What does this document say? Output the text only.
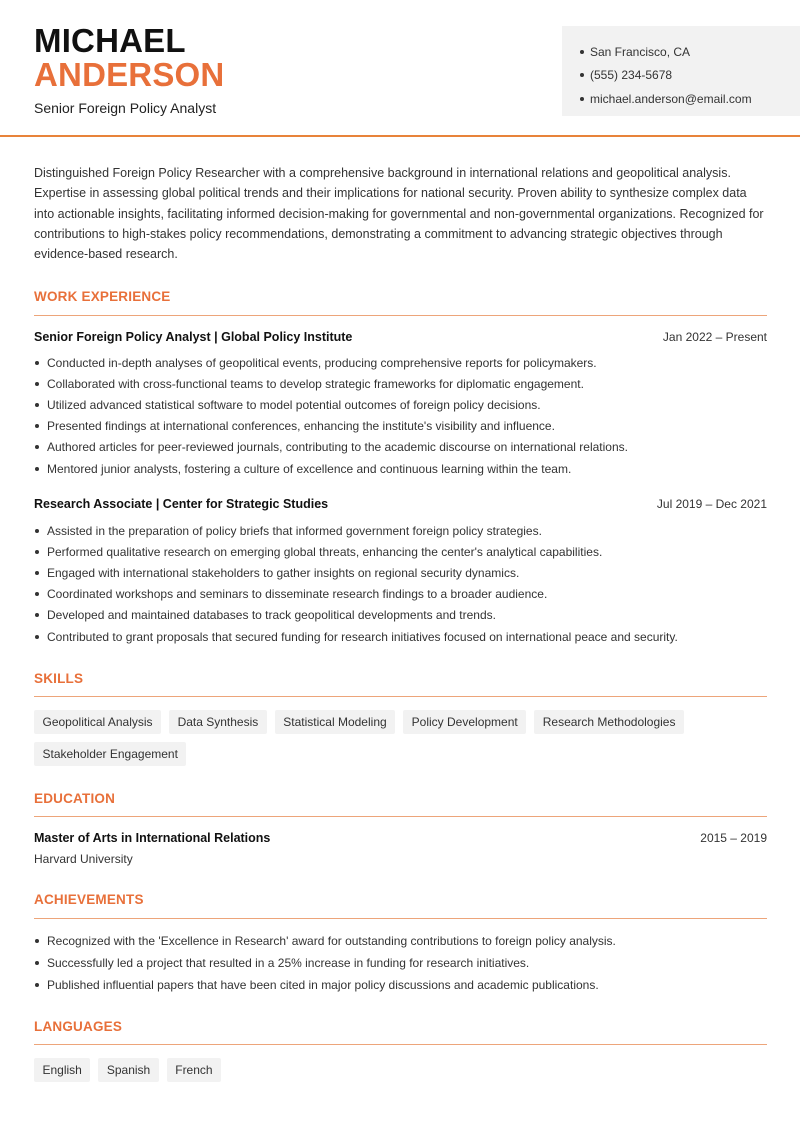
MICHAEL
ANDERSON
Senior Foreign Policy Analyst
San Francisco, CA
(555) 234-5678
michael.anderson@email.com

Distinguished Foreign Policy Researcher with a comprehensive background in international relations and geopolitical analysis. Expertise in assessing global political trends and their implications for national security. Proven ability to synthesize complex data into actionable insights, facilitating informed decision-making for governmental and non-governmental organizations. Recognized for contributions to high-stakes policy recommendations, demonstrating a commitment to advancing strategic objectives through evidence-based research.

WORK EXPERIENCE
Senior Foreign Policy Analyst | Global Policy Institute	Jan 2022 – Present
Conducted in-depth analyses of geopolitical events, producing comprehensive reports for policymakers.
Collaborated with cross-functional teams to develop strategic frameworks for diplomatic engagement.
Utilized advanced statistical software to model potential outcomes of foreign policy decisions.
Presented findings at international conferences, enhancing the institute's visibility and influence.
Authored articles for peer-reviewed journals, contributing to the academic discourse on international relations.
Mentored junior analysts, fostering a culture of excellence and continuous learning within the team.
Research Associate | Center for Strategic Studies	Jul 2019 – Dec 2021
Assisted in the preparation of policy briefs that informed government foreign policy strategies.
Performed qualitative research on emerging global threats, enhancing the center's analytical capabilities.
Engaged with international stakeholders to gather insights on regional security dynamics.
Coordinated workshops and seminars to disseminate research findings to a broader audience.
Developed and maintained databases to track geopolitical developments and trends.
Contributed to grant proposals that secured funding for research initiatives focused on international peace and security.
SKILLS
Geopolitical Analysis	Data Synthesis	Statistical Modeling	Policy Development	Research Methodologies
Stakeholder Engagement
EDUCATION
Master of Arts in International Relations	2015 – 2019
Harvard University
ACHIEVEMENTS
Recognized with the 'Excellence in Research' award for outstanding contributions to foreign policy analysis.
Successfully led a project that resulted in a 25% increase in funding for research initiatives.
Published influential papers that have been cited in major policy discussions and academic publications.
LANGUAGES
English	Spanish	French
